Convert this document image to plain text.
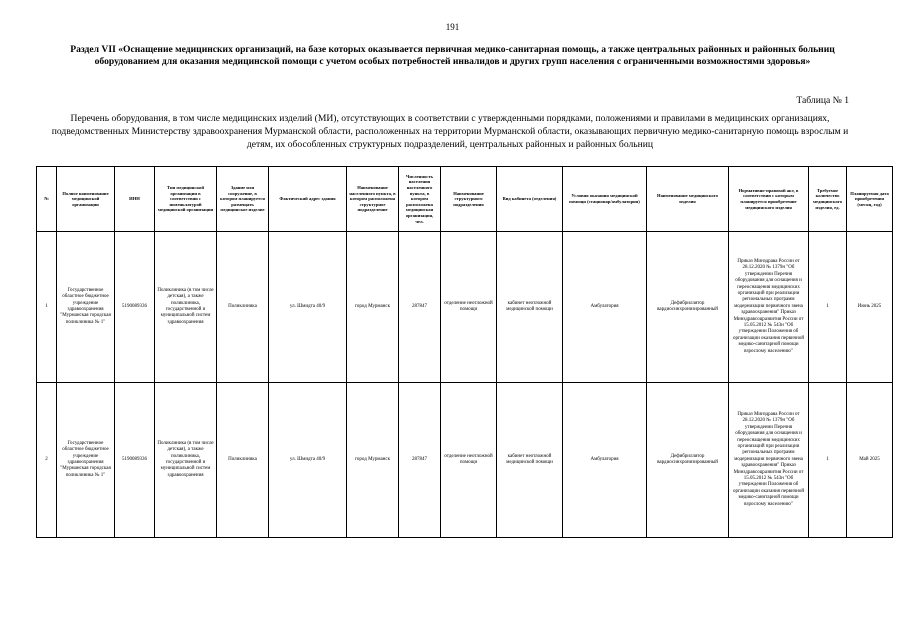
191
Раздел VII «Оснащение медицинских организаций, на базе которых оказывается первичная медико-санитарная помощь, а также центральных районных и районных больниц оборудованием для оказания медицинской помощи с учетом особых потребностей инвалидов и других групп населения с ограниченными возможностями здоровья»
Таблица № 1
Перечень оборудования, в том числе медицинских изделий (МИ), отсутствующих в соответствии с утвержденными порядками, положениями и правилами в медицинских организациях, подведомственных Министерству здравоохранения Мурманской области, расположенных на территории Мурманской области, оказывающих первичную медико-санитарную помощь взрослым и детям, их обособленных структурных подразделений, центральных районных и районных больниц
№	Полное наименование медицинской организации	ИНН	Тип медицинской организации в соответствии с номенклатурой медицинской организации	Здание или сооружение, в котором планируется размещать медицинское изделие	Фактический адрес здания	Наименование населенного пункта, в котором расположена структурное подразделение	Численность населения населенного пункта, в котором расположена медицинская организация, чел.	Наименование структурного подразделения	Вид кабинета (отделения)	Условия оказания медицинской помощи (стационар/амбулатория)	Наименование медицинского изделия	Нормативно-правовой акт, в соответствии с которым планируется приобретение медицинского изделия	Требуемое количество медицинского изделия, ед.	Планируемая дата приобретения (месяц, год)
1	Государственное областное бюджетное учреждение здравоохранения "Мурманская городская поликлиника № 1"	5190089336	Поликлиника (в том числе детская), а также поликлиника, государственной и муниципальной систем здравоохранения	Поликлиника	ул. Шмидта 40/9	город Мурманск	287847	отделение неотложной помощи	кабинет неотложной медицинской помощи	Амбулатория	Дефибриллятор вардиосинхронизированный	Приказ Минздрава России от 28.12.2020 № 1379н "Об утверждении Перечня оборудования для оснащения и переоснащения медицинских организаций при реализации региональных программ модернизации первичного звена здравоохранения" Приказ Минздравсоцразвития России от 15.05.2012 № 543н "Об утверждении Положения об организации оказания первичной медико-санитарной помощи взрослому населению"	1	Июнь 2025
2	Государственное областное бюджетное учреждение здравоохранения "Мурманская городская поликлиника № 1"	5190089336	Поликлиника (в том числе детская), а также поликлиника, государственной и муниципальной систем здравоохранения	Поликлиника	ул. Шмидта 40/9	город Мурманск	287847	отделение неотложной помощи	кабинет неотложной медицинской помощи	Амбулатория	Дефибриллятор вардиосинхронизированный	Приказ Минздрава России от 28.12.2020 № 1379н "Об утверждении Перечня оборудования для оснащения и переоснащения медицинских организаций при реализации региональных программ модернизации первичного звена здравоохранения" Приказ Минздравсоцразвития России от 15.05.2012 № 543н "Об утверждении Положения об организации оказания первичной медико-санитарной помощи взрослому населению"	1	Май 2025
